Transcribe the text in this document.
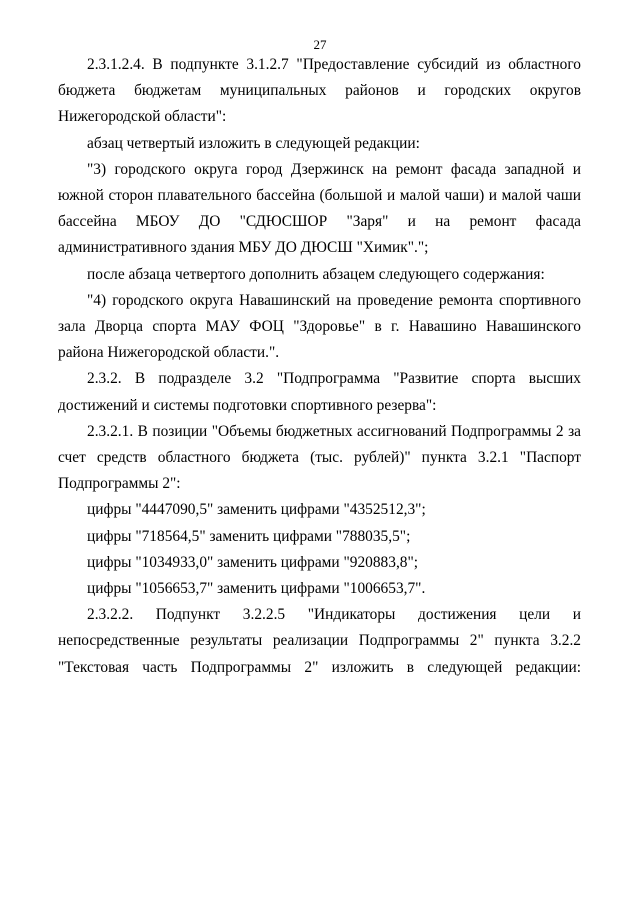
27

2.3.1.2.4. В подпункте 3.1.2.7 "Предоставление субсидий из областного бюджета бюджетам муниципальных районов и городских округов Нижегородской области":

абзац четвертый изложить в следующей редакции:

"3) городского округа город Дзержинск на ремонт фасада западной и южной сторон плавательного бассейна (большой и малой чаши) и малой чаши бассейна МБОУ ДО "СДЮСШОР "Заря" и на ремонт фасада административного здания МБУ ДО ДЮСШ "Химик".";

после абзаца четвертого дополнить абзацем следующего содержания:

"4) городского округа Навашинский на проведение ремонта спортивного зала Дворца спорта МАУ ФОЦ "Здоровье" в г. Навашино Навашинского района Нижегородской области.".

2.3.2. В подразделе 3.2 "Подпрограмма "Развитие спорта высших достижений и системы подготовки спортивного резерва":

2.3.2.1. В позиции "Объемы бюджетных ассигнований Подпрограммы 2 за счет средств областного бюджета (тыс. рублей)" пункта 3.2.1 "Паспорт Подпрограммы 2":

цифры "4447090,5" заменить цифрами "4352512,3";

цифры "718564,5" заменить цифрами "788035,5";

цифры "1034933,0" заменить цифрами "920883,8";

цифры "1056653,7" заменить цифрами "1006653,7".

2.3.2.2. Подпункт 3.2.2.5 "Индикаторы достижения цели и непосредственные результаты реализации Подпрограммы 2" пункта 3.2.2 "Текстовая часть Подпрограммы 2" изложить в следующей редакции:
